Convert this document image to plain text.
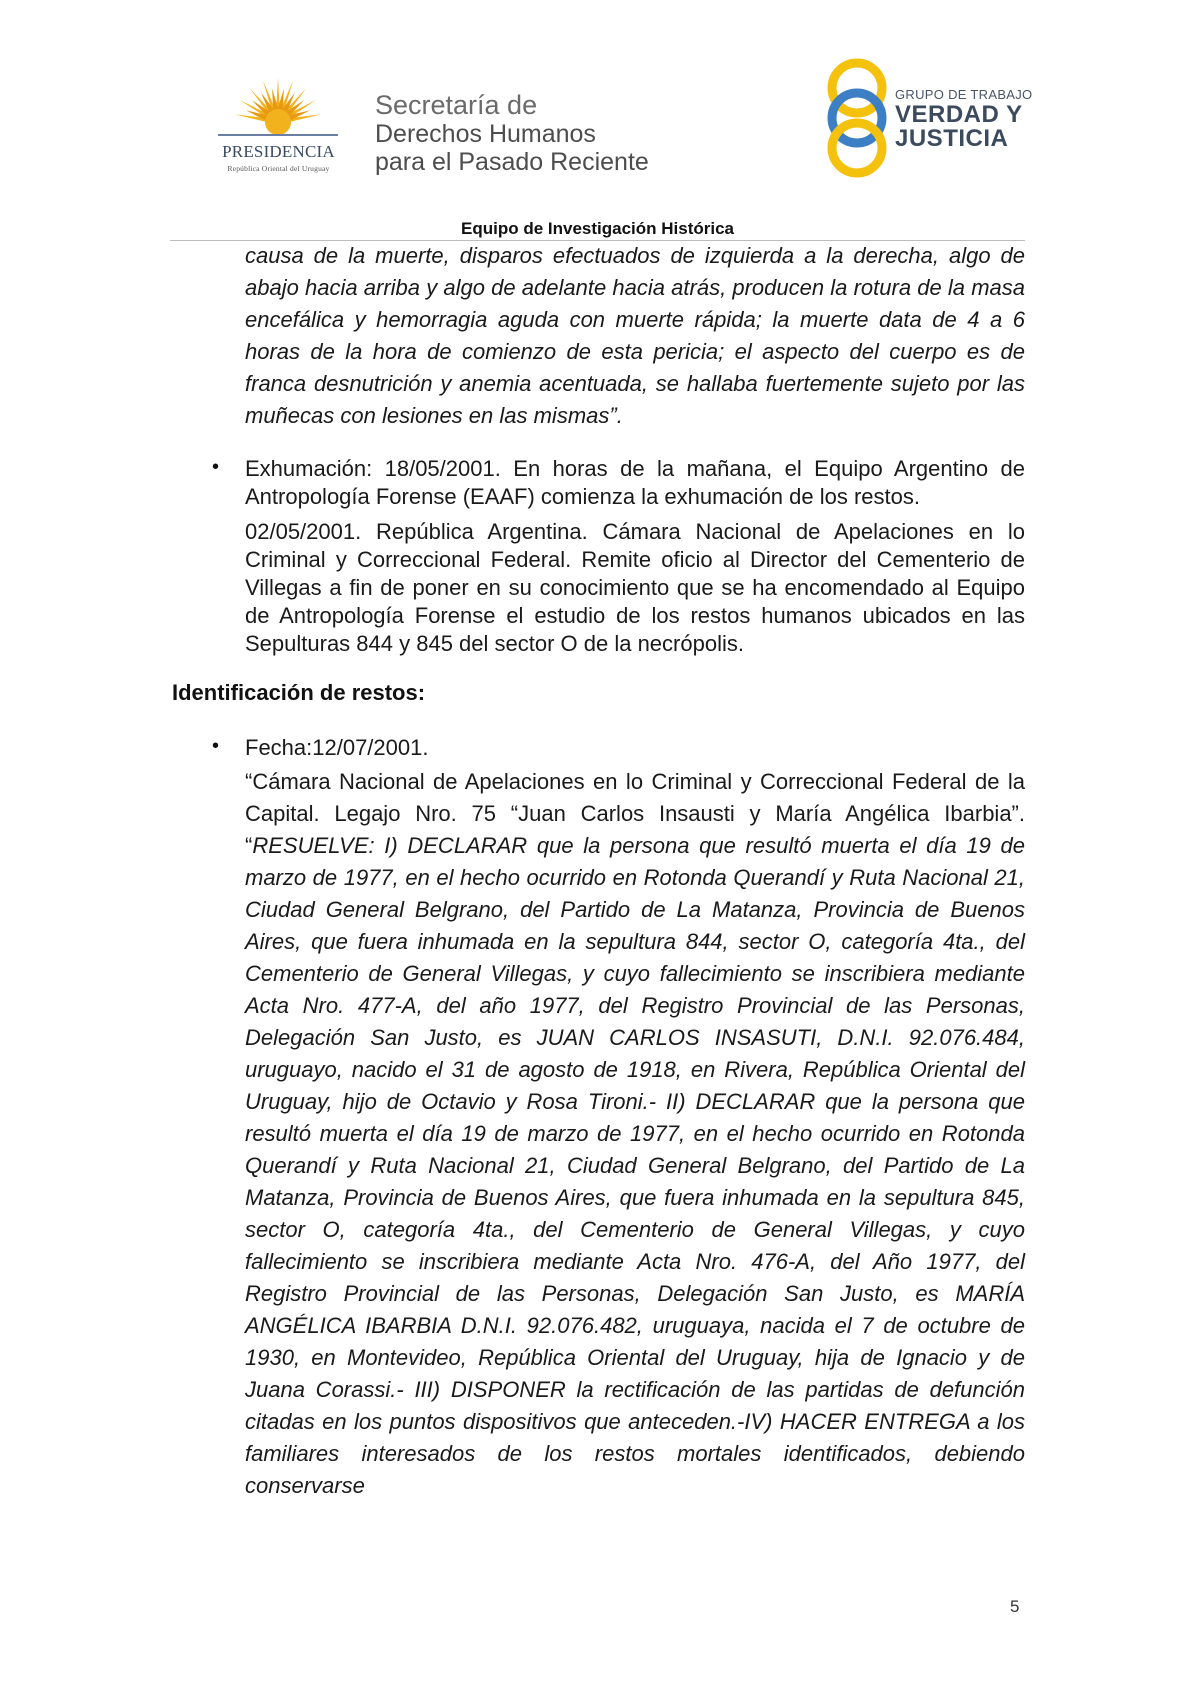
PRESIDENCIA
República Oriental del Uruguay
Secretaría de
Derechos Humanos
para el Pasado Reciente
GRUPO DE TRABAJO
VERDAD Y
JUSTICIA
Equipo de Investigación Histórica
causa de la muerte, disparos efectuados de izquierda a la derecha, algo de abajo hacia arriba y algo de adelante hacia atrás, producen la rotura de la masa encefálica y hemorragia aguda con muerte rápida; la muerte data de 4 a 6 horas de la hora de comienzo de esta pericia; el aspecto del cuerpo es de franca desnutrición y anemia acentuada, se hallaba fuertemente sujeto por las muñecas con lesiones en las mismas”.
• Exhumación: 18/05/2001. En horas de la mañana, el Equipo Argentino de Antropología Forense (EAAF) comienza la exhumación de los restos.
02/05/2001. República Argentina. Cámara Nacional de Apelaciones en lo Criminal y Correccional Federal. Remite oficio al Director del Cementerio de Villegas a fin de poner en su conocimiento que se ha encomendado al Equipo de Antropología Forense el estudio de los restos humanos ubicados en las Sepulturas 844 y 845 del sector O de la necrópolis.
Identificación de restos:
• Fecha:12/07/2001.
“Cámara Nacional de Apelaciones en lo Criminal y Correccional Federal de la Capital. Legajo Nro. 75 “Juan Carlos Insausti y María Angélica Ibarbia”. “RESUELVE: I) DECLARAR que la persona que resultó muerta el día 19 de marzo de 1977, en el hecho ocurrido en Rotonda Querandí y Ruta Nacional 21, Ciudad General Belgrano, del Partido de La Matanza, Provincia de Buenos Aires, que fuera inhumada en la sepultura 844, sector O, categoría 4ta., del Cementerio de General Villegas, y cuyo fallecimiento se inscribiera mediante Acta Nro. 477-A, del año 1977, del Registro Provincial de las Personas, Delegación San Justo, es JUAN CARLOS INSASUTI, D.N.I. 92.076.484, uruguayo, nacido el 31 de agosto de 1918, en Rivera, República Oriental del Uruguay, hijo de Octavio y Rosa Tironi.- II) DECLARAR que la persona que resultó muerta el día 19 de marzo de 1977, en el hecho ocurrido en Rotonda Querandí y Ruta Nacional 21, Ciudad General Belgrano, del Partido de La Matanza, Provincia de Buenos Aires, que fuera inhumada en la sepultura 845, sector O, categoría 4ta., del Cementerio de General Villegas, y cuyo fallecimiento se inscribiera mediante Acta Nro. 476-A, del Año 1977, del Registro Provincial de las Personas, Delegación San Justo, es MARÍA ANGÉLICA IBARBIA D.N.I. 92.076.482, uruguaya, nacida el 7 de octubre de 1930, en Montevideo, República Oriental del Uruguay, hija de Ignacio y de Juana Corassi.- III) DISPONER la rectificación de las partidas de defunción citadas en los puntos dispositivos que anteceden.-IV) HACER ENTREGA a los familiares interesados de los restos mortales identificados, debiendo conservarse
5
